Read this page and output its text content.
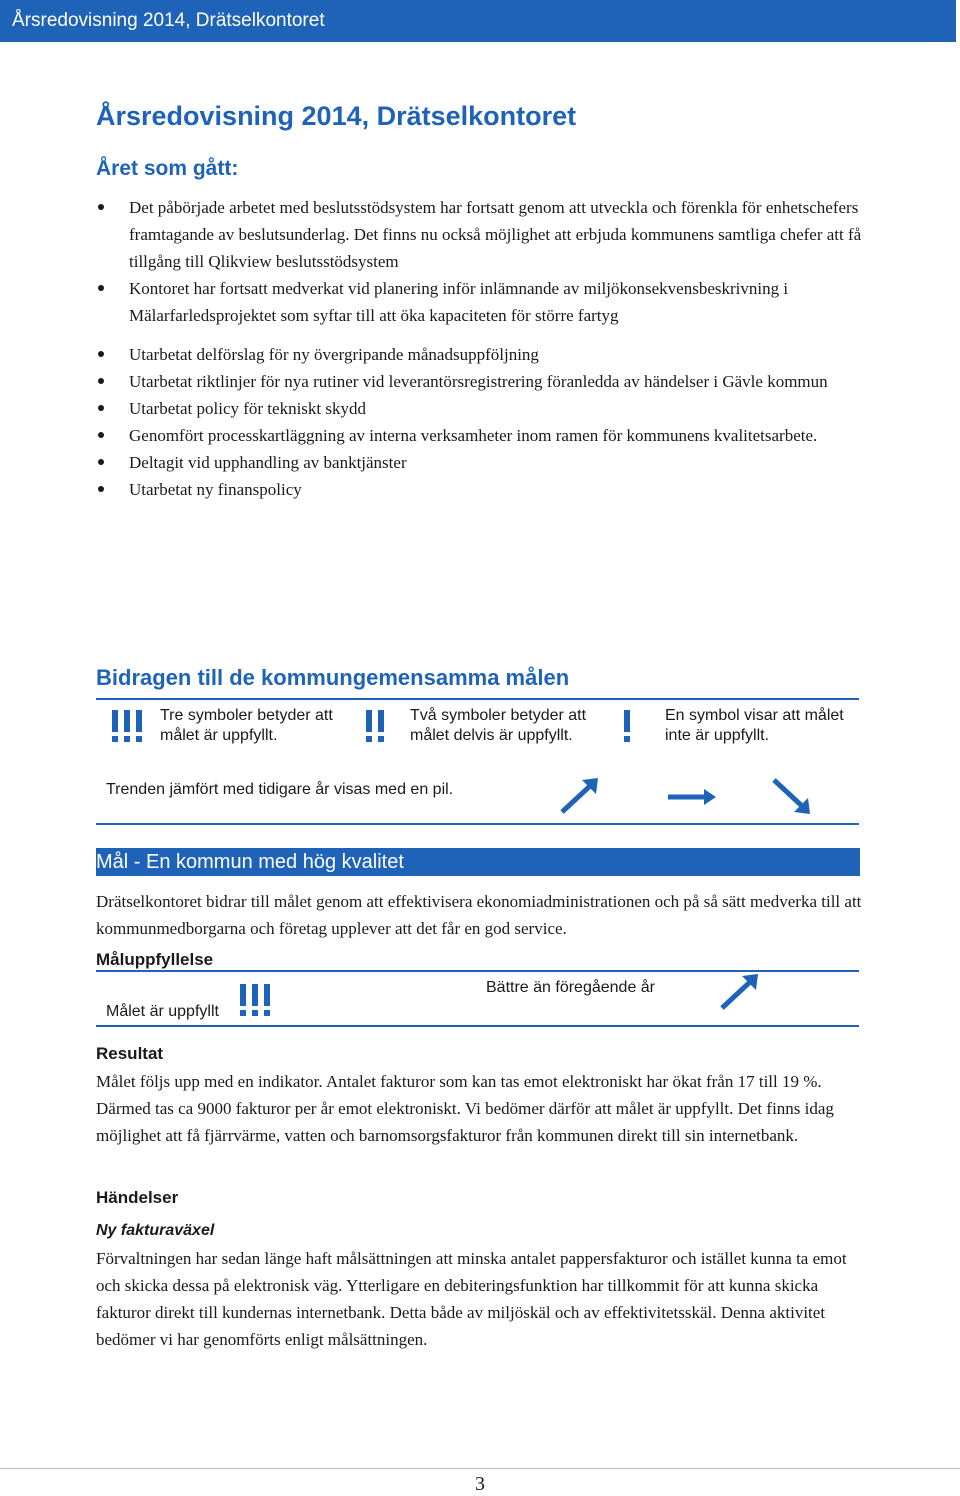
Årsredovisning 2014, Drätselkontoret
Årsredovisning 2014, Drätselkontoret
Året som gått:
Det påbörjade arbetet med beslutsstödsystem har fortsatt genom att utveckla och förenkla för enhetschefers framtagande av beslutsunderlag. Det finns nu också möjlighet att erbjuda kommunens samtliga chefer att få tillgång till Qlikview beslutsstödsystem
Kontoret har fortsatt medverkat vid planering inför inlämnande av miljökonsekvensbeskrivning i Mälarfarledsprojektet som syftar till att öka kapaciteten för större fartyg
Utarbetat delförslag för ny övergripande månadsuppföljning
Utarbetat riktlinjer för nya rutiner vid leverantörsregistrering föranledda av händelser i Gävle kommun
Utarbetat policy för tekniskt skydd
Genomfört processkartläggning av interna verksamheter inom ramen för kommunens kvalitetsarbete.
Deltagit vid upphandling av banktjänster
Utarbetat ny finanspolicy
Bidragen till de kommungemensamma målen
Tre symboler betyder att målet är uppfyllt.
Två symboler betyder att målet delvis är uppfyllt.
En symbol visar att målet inte är uppfyllt.
Trenden jämfört med tidigare år visas med en pil.
Mål - En kommun med hög kvalitet

Drätselkontoret bidrar till målet genom att effektivisera ekonomiadministrationen och på så sätt medverka till att kommunmedborgarna och företag upplever att det får en god service.

Måluppfyllelse
Målet är uppfyllt
Bättre än föregående år
Resultat

Målet följs upp med en indikator. Antalet fakturor som kan tas emot elektroniskt har ökat från 17 till 19 %. Därmed tas ca 9000 fakturor per år emot elektroniskt. Vi bedömer därför att målet är uppfyllt. Det finns idag möjlighet att få fjärrvärme, vatten och barnomsorgsfakturor från kommunen direkt till sin internetbank.

Händelser
Ny fakturaväxel

Förvaltningen har sedan länge haft målsättningen att minska antalet pappersfakturor och istället kunna ta emot och skicka dessa på elektronisk väg. Ytterligare en debiteringsfunktion har tillkommit för att kunna skicka fakturor direkt till kundernas internetbank. Detta både av miljöskäl och av effektivitetsskäl. Denna aktivitet bedömer vi har genomförts enligt målsättningen.

3
